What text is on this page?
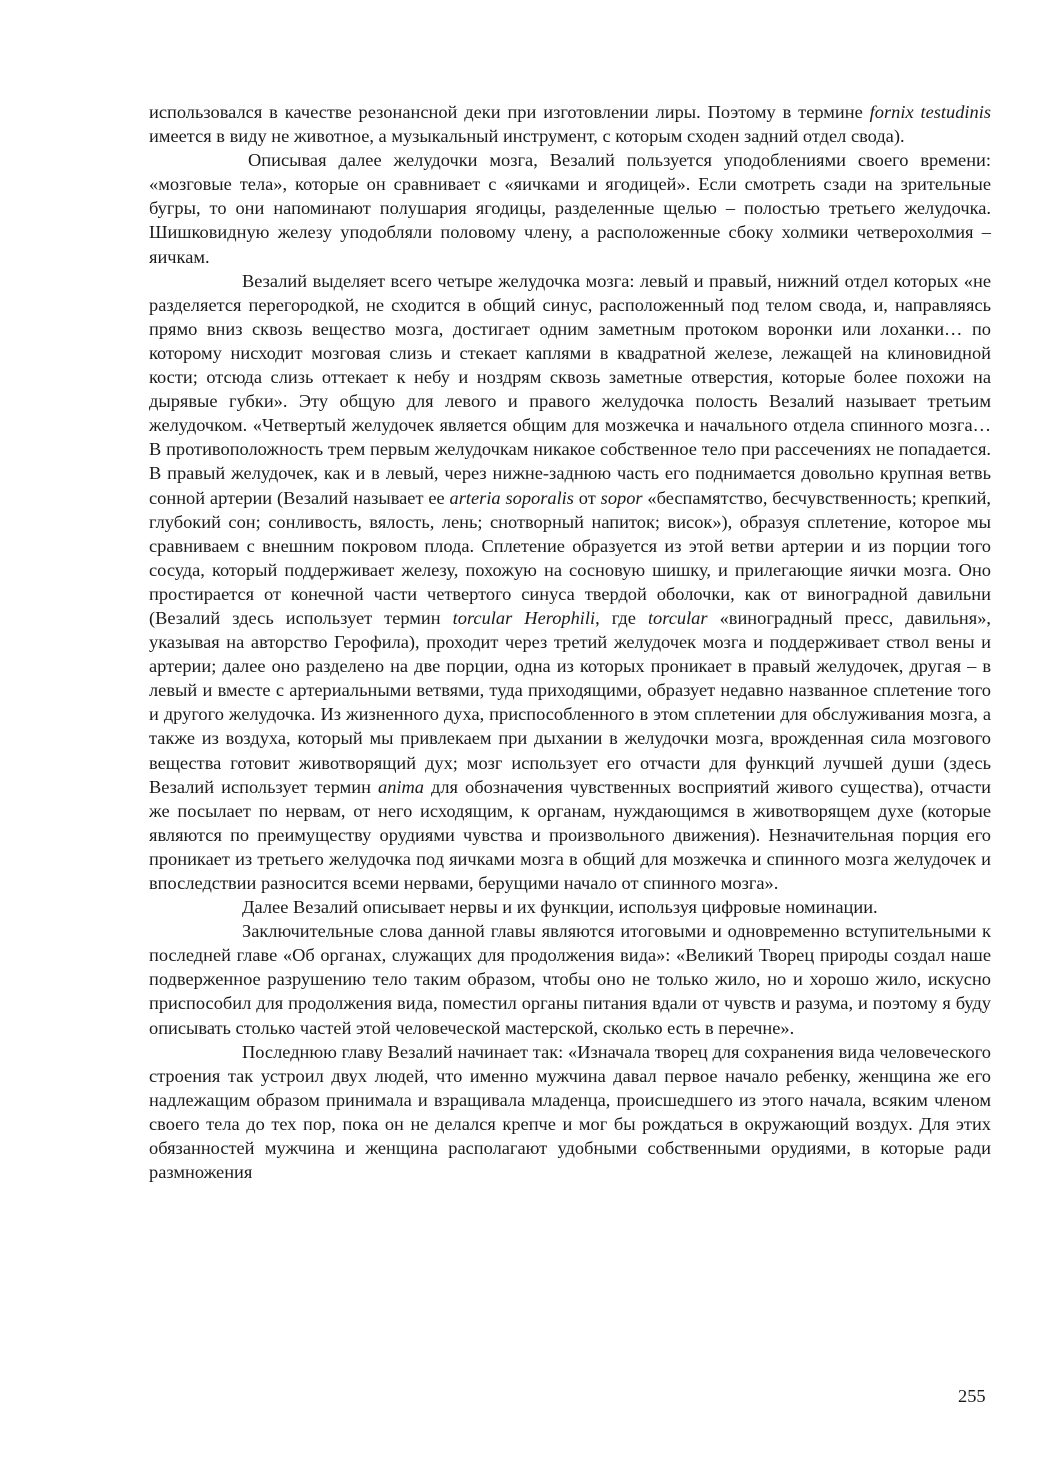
использовался в качестве резонансной деки при изготовлении лиры. Поэтому в термине fornix testudinis имеется в виду не животное, а музыкальный инструмент, с которым сходен задний отдел свода).

Описывая далее желудочки мозга, Везалий пользуется уподоблениями своего времени: «мозговые тела», которые он сравнивает с «яичками и ягодицей». Если смотреть сзади на зрительные бугры, то они напоминают полушария ягодицы, разделенные щелью – полостью третьего желудочка. Шишковидную железу уподобляли половому члену, а расположенные сбоку холмики четверохолмия – яичкам.

Везалий выделяет всего четыре желудочка мозга: левый и правый, нижний отдел которых «не разделяется перегородкой, не сходится в общий синус, расположенный под телом свода, и, направляясь прямо вниз сквозь вещество мозга, достигает одним заметным протоком воронки или лоханки… по которому нисходит мозговая слизь и стекает каплями в квадратной железе, лежащей на клиновидной кости; отсюда слизь оттекает к небу и ноздрям сквозь заметные отверстия, которые более похожи на дырявые губки». Эту общую для левого и правого желудочка полость Везалий называет третьим желудочком. «Четвертый желудочек является общим для мозжечка и начального отдела спинного мозга… В противоположность трем первым желудочкам никакое собственное тело при рассечениях не попадается. В правый желудочек, как и в левый, через нижне-заднюю часть его поднимается довольно крупная ветвь сонной артерии (Везалий называет ее arteria soporalis от sopor «беспамятство, бесчувственность; крепкий, глубокий сон; сонливость, вялость, лень; снотворный напиток; висок»), образуя сплетение, которое мы сравниваем с внешним покровом плода. Сплетение образуется из этой ветви артерии и из порции того сосуда, который поддерживает железу, похожую на сосновую шишку, и прилегающие яички мозга. Оно простирается от конечной части четвертого синуса твердой оболочки, как от виноградной давильни (Везалий здесь использует термин torcular Herophili, где torcular «виноградный пресс, давильня», указывая на авторство Герофила), проходит через третий желудочек мозга и поддерживает ствол вены и артерии; далее оно разделено на две порции, одна из которых проникает в правый желудочек, другая – в левый и вместе с артериальными ветвями, туда приходящими, образует недавно названное сплетение того и другого желудочка. Из жизненного духа, приспособленного в этом сплетении для обслуживания мозга, а также из воздуха, который мы привлекаем при дыхании в желудочки мозга, врожденная сила мозгового вещества готовит животворящий дух; мозг использует его отчасти для функций лучшей души (здесь Везалий использует термин anima для обозначения чувственных восприятий живого существа), отчасти же посылает по нервам, от него исходящим, к органам, нуждающимся в животворящем духе (которые являются по преимуществу орудиями чувства и произвольного движения). Незначительная порция его проникает из третьего желудочка под яичками мозга в общий для мозжечка и спинного мозга желудочек и впоследствии разносится всеми нервами, берущими начало от спинного мозга».

Далее Везалий описывает нервы и их функции, используя цифровые номинации.

Заключительные слова данной главы являются итоговыми и одновременно вступительными к последней главе «Об органах, служащих для продолжения вида»: «Великий Творец природы создал наше подверженное разрушению тело таким образом, чтобы оно не только жило, но и хорошо жило, искусно приспособил для продолжения вида, поместил органы питания вдали от чувств и разума, и поэтому я буду описывать столько частей этой человеческой мастерской, сколько есть в перечне».

Последнюю главу Везалий начинает так: «Изначала творец для сохранения вида человеческого строения так устроил двух людей, что именно мужчина давал первое начало ребенку, женщина же его надлежащим образом принимала и взращивала младенца, происшедшего из этого начала, всяким членом своего тела до тех пор, пока он не делался крепче и мог бы рождаться в окружающий воздух. Для этих обязанностей мужчина и женщина располагают удобными собственными орудиями, в которые ради размножения

255
